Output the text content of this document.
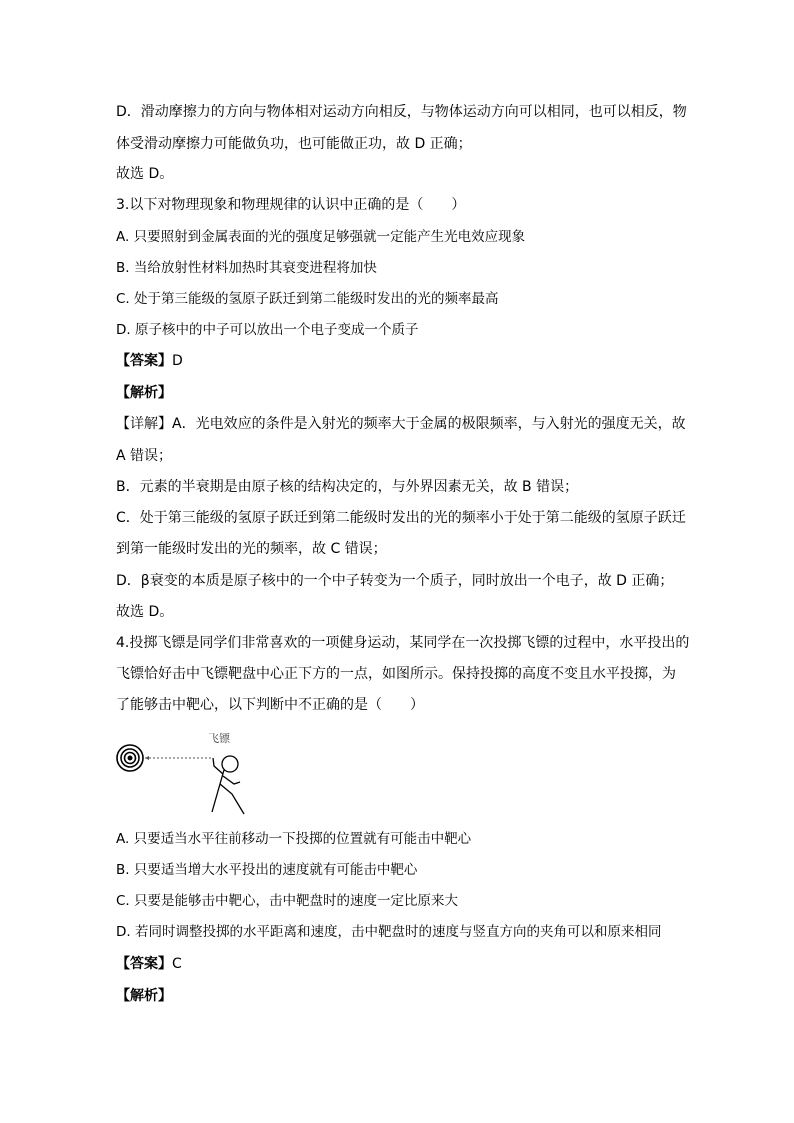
D．滑动摩擦力的方向与物体相对运动方向相反，与物体运动方向可以相同，也可以相反，物
体受滑动摩擦力可能做负功，也可能做正功，故 D 正确；
故选 D。
3.以下对物理现象和物理规律的认识中正确的是（　　）
A. 只要照射到金属表面的光的强度足够强就一定能产生光电效应现象
B. 当给放射性材料加热时其衰变进程将加快
C. 处于第三能级的氢原子跃迁到第二能级时发出的光的频率最高
D. 原子核中的中子可以放出一个电子变成一个质子
【答案】D
【解析】
【详解】A．光电效应的条件是入射光的频率大于金属的极限频率，与入射光的强度无关，故
A 错误；
B．元素的半衰期是由原子核的结构决定的，与外界因素无关，故 B 错误；
C．处于第三能级的氢原子跃迁到第二能级时发出的光的频率小于处于第二能级的氢原子跃迁
到第一能级时发出的光的频率，故 C 错误；
D．β衰变的本质是原子核中的一个中子转变为一个质子，同时放出一个电子，故 D 正确；
故选 D。
4.投掷飞镖是同学们非常喜欢的一项健身运动，某同学在一次投掷飞镖的过程中，水平投出的
飞镖恰好击中飞镖靶盘中心正下方的一点，如图所示。保持投掷的高度不变且水平投掷，为
了能够击中靶心，以下判断中不正确的是（　　）
飞镖
A. 只要适当水平往前移动一下投掷的位置就有可能击中靶心
B. 只要适当增大水平投出的速度就有可能击中靶心
C. 只要是能够击中靶心，击中靶盘时的速度一定比原来大
D. 若同时调整投掷的水平距离和速度，击中靶盘时的速度与竖直方向的夹角可以和原来相同
【答案】C
【解析】
